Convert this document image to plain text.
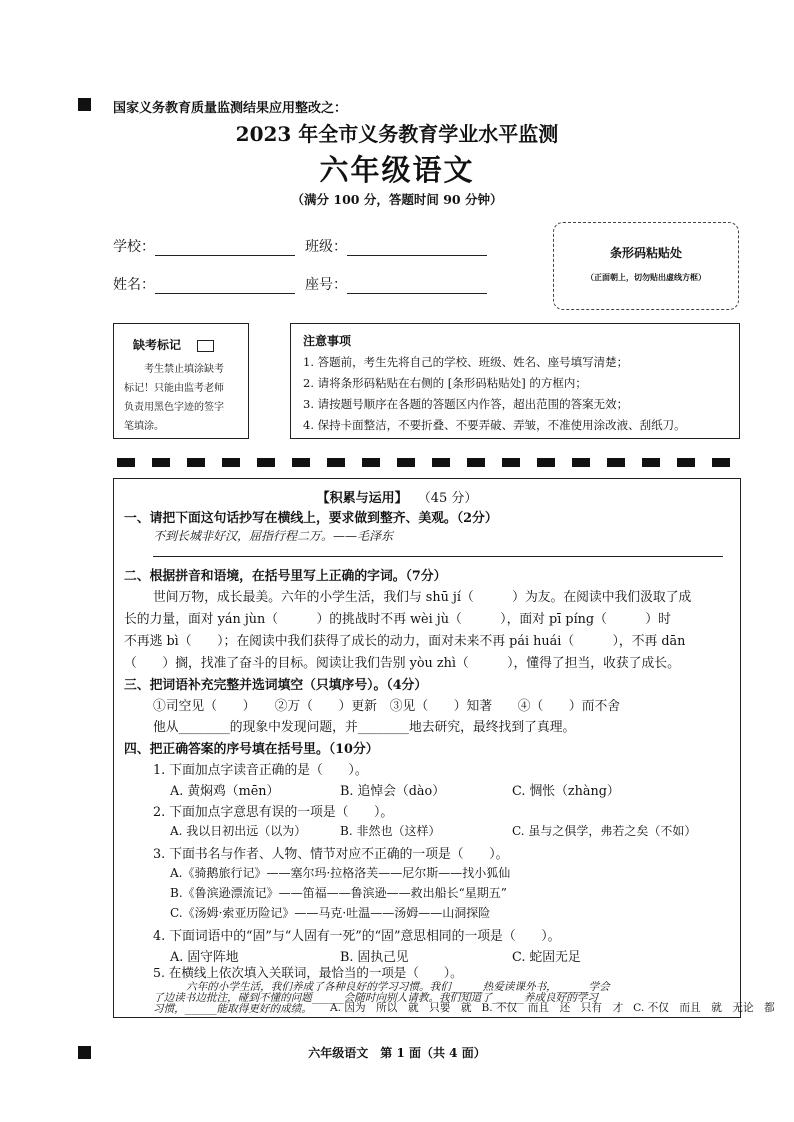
国家义务教育质量监测结果应用整改之：
2023 年全市义务教育学业水平监测
六年级语文
（满分 100 分，答题时间 90 分钟）
学校：	班级：
姓名：	座号：
条形码粘贴处
（正面朝上，切勿贴出虚线方框）
缺考标记
考生禁止填涂缺考
标记！只能由监考老师
负责用黑色字迹的签字
笔填涂。
注意事项
1. 答题前，考生先将自己的学校、班级、姓名、座号填写清楚；
2. 请将条形码粘贴在右侧的 [条形码粘贴处] 的方框内；
3. 请按题号顺序在各题的答题区内作答，超出范围的答案无效；
4. 保持卡面整洁，不要折叠、不要弄破、弄皱，不准使用涂改液、刮纸刀。
【积累与运用】 （45 分）
一、请把下面这句话抄写在横线上，要求做到整齐、美观。（2分）
不到长城非好汉，屈指行程二万。——毛泽东
二、根据拼音和语境，在括号里写上正确的字词。（7分）
世间万物，成长最美。六年的小学生活，我们与 shū jí（　　　）为友。在阅读中我们汲取了成
长的力量，面对 yán jùn（　　　）的挑战时不再 wèi jù（　　　），面对 pī píng（　　　）时
不再逃 bì（　　）；在阅读中我们获得了成长的动力，面对未来不再 pái huái（　　　），不再 dān
（　　）搁，找准了奋斗的目标。阅读让我们告别 yòu zhì（　　　），懂得了担当，收获了成长。
三、把词语补充完整并选词填空（只填序号）。（4分）
①司空见（　　）　　②万（　　）更新　③见（　　）知著　　④（　　）而不舍
他从________的现象中发现问题，并________地去研究，最终找到了真理。
四、把正确答案的序号填在括号里。（10分）
1. 下面加点字读音正确的是（　　）。
A. 黄焖鸡（mēn）	B. 追悼会（dào）	C. 惆怅（zhàng）
2. 下面加点字意思有误的一项是（　　）。
A. 我以日初出远（以为）	B. 非然也（这样）	C. 虽与之俱学，弗若之矣（不如）
3. 下面书名与作者、人物、情节对应不正确的一项是（　　）。
A.《骑鹅旅行记》——塞尔玛·拉格洛芙——尼尔斯——找小狐仙
B.《鲁滨逊漂流记》——笛福——鲁滨逊——救出船长“星期五”
C.《汤姆·索亚历险记》——马克·吐温——汤姆——山洞探险
4. 下面词语中的“固”与“人固有一死”的“固”意思相同的一项是（　　）。
A. 固守阵地	B. 固执己见	C. 蛇固无足
5. 在横线上依次填入关联词，最恰当的一项是（　　）。
六年的小学生活，我们养成了各种良好的学习习惯。我们______热爱读课外书，______学会
六年级语文　第 1 面（共 4 面）
了边读书边批注，碰到不懂的问题______会随时向别人请教。我们知道了______养成良好的学习
习惯，______能取得更好的成绩。 A. 因为　所以　就　只要　就 B. 不仅　而且　还　只有　才 C. 不仅　而且　就　无论　都
